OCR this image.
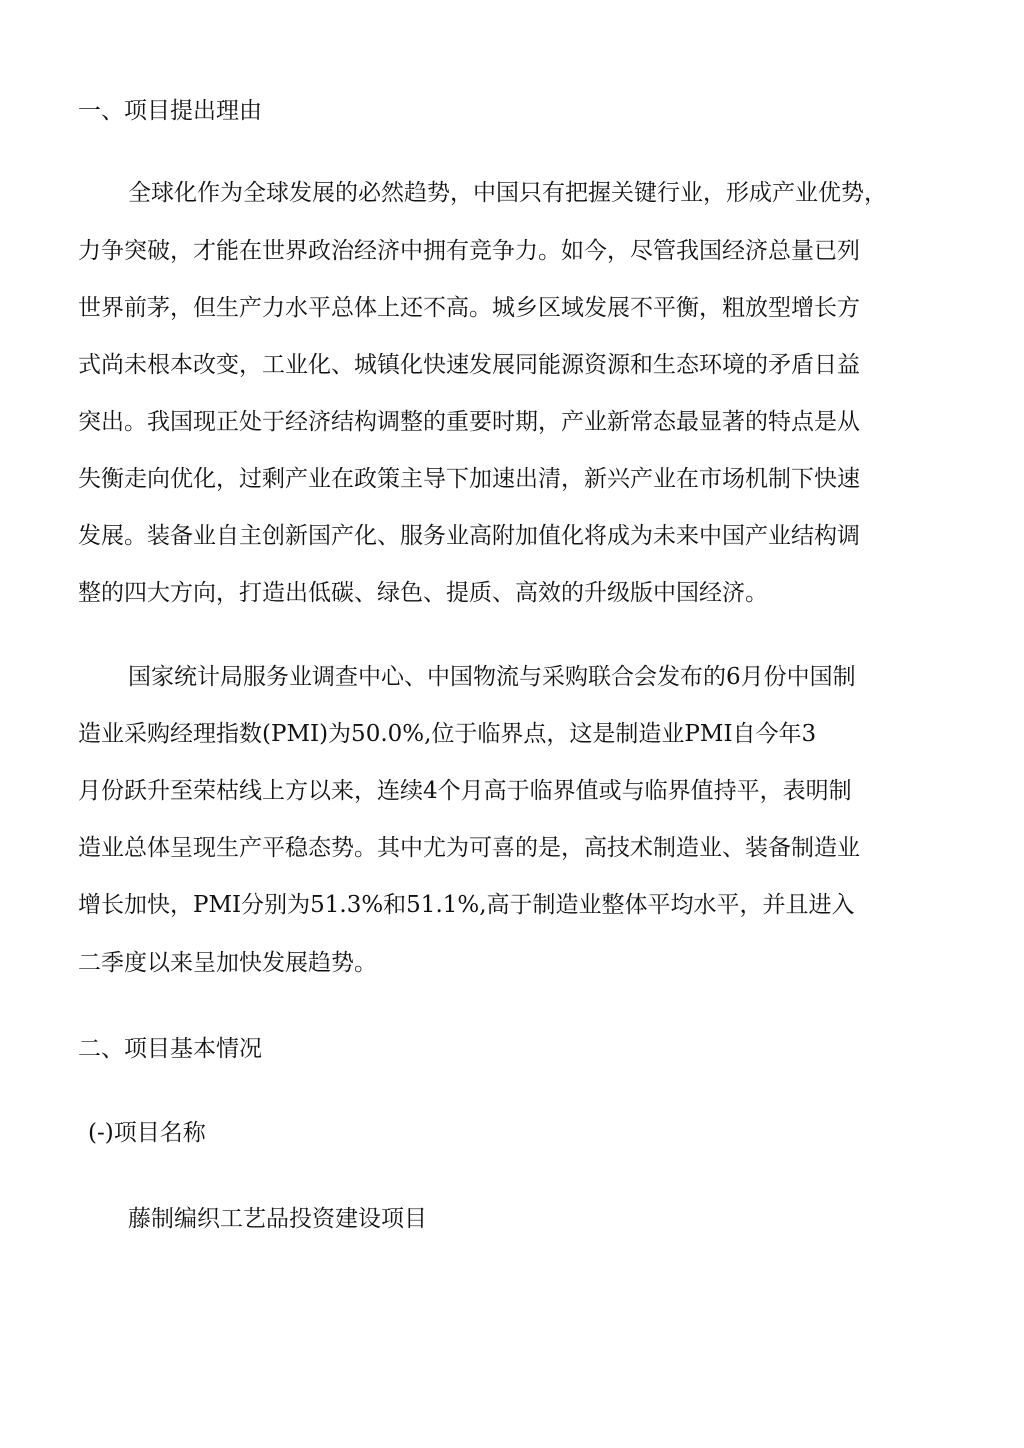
一、项目提出理由

全球化作为全球发展的必然趋势，中国只有把握关键行业，形成产业优势，

力争突破，才能在世界政治经济中拥有竞争力。如今，尽管我国经济总量已列

世界前茅，但生产力水平总体上还不高。城乡区域发展不平衡，粗放型增长方

式尚未根本改变，工业化、城镇化快速发展同能源资源和生态环境的矛盾日益

突出。我国现正处于经济结构调整的重要时期，产业新常态最显著的特点是从

失衡走向优化，过剩产业在政策主导下加速出清，新兴产业在市场机制下快速

发展。装备业自主创新国产化、服务业高附加值化将成为未来中国产业结构调

整的四大方向，打造出低碳、绿色、提质、高效的升级版中国经济。

国家统计局服务业调查中心、中国物流与采购联合会发布的6月份中国制

造业采购经理指数(PMI)为50.0%,位于临界点，这是制造业PMI自今年3

月份跃升至荣枯线上方以来，连续4个月高于临界值或与临界值持平，表明制

造业总体呈现生产平稳态势。其中尤为可喜的是，高技术制造业、装备制造业

增长加快，PMI分别为51.3%和51.1%,高于制造业整体平均水平，并且进入

二季度以来呈加快发展趋势。

二、项目基本情况
(-)项目名称

藤制编织工艺品投资建设项目
